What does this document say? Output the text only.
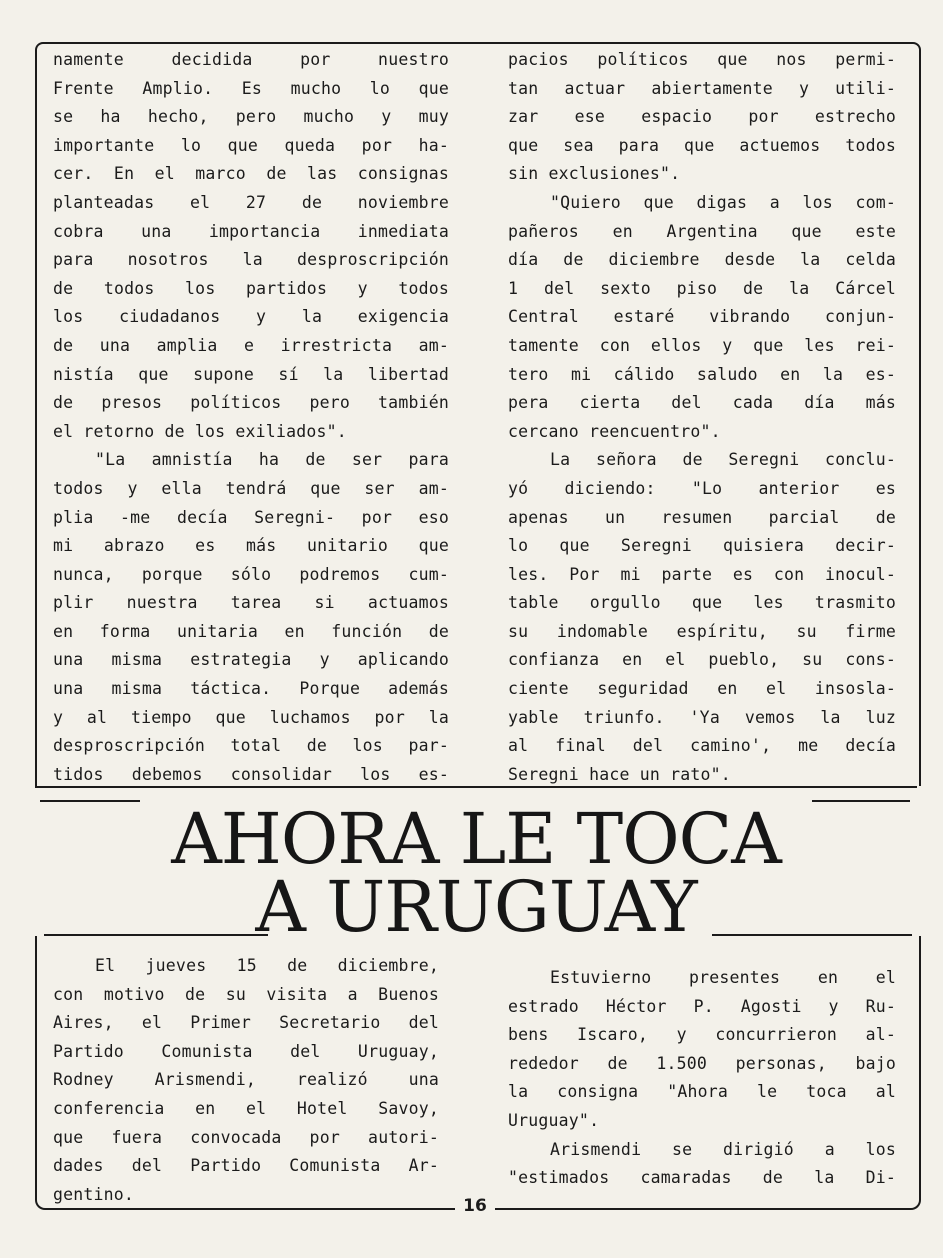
namente decidida por nuestro
Frente Amplio. Es mucho lo que
se ha hecho, pero mucho y muy
importante lo que queda por ha-
cer. En el marco de las consignas
planteadas el 27 de noviembre
cobra una importancia inmediata
para nosotros la desproscripción
de todos los partidos y todos
los ciudadanos y la exigencia
de una amplia e irrestricta am-
nistía que supone sí la libertad
de presos políticos pero también
el retorno de los exiliados".
"La amnistía ha de ser para
todos y ella tendrá que ser am-
plia -me decía Seregni- por eso
mi abrazo es más unitario que
nunca, porque sólo podremos cum-
plir nuestra tarea si actuamos
en forma unitaria en función de
una misma estrategia y aplicando
una misma táctica. Porque además
y al tiempo que luchamos por la
desproscripción total de los par-
tidos debemos consolidar los es-
pacios políticos que nos permi-
tan actuar abiertamente y utili-
zar ese espacio por estrecho
que sea para que actuemos todos
sin exclusiones".
"Quiero que digas a los com-
pañeros en Argentina que este
día de diciembre desde la celda
1 del sexto piso de la Cárcel
Central estaré vibrando conjun-
tamente con ellos y que les rei-
tero mi cálido saludo en la es-
pera cierta del cada día más
cercano reencuentro".
La señora de Seregni conclu-
yó diciendo: "Lo anterior es
apenas un resumen parcial de
lo que Seregni quisiera decir-
les. Por mi parte es con inocul-
table orgullo que les trasmito
su indomable espíritu, su firme
confianza en el pueblo, su cons-
ciente seguridad en el insosla-
yable triunfo. 'Ya vemos la luz
al final del camino', me decía
Seregni hace un rato".
AHORA LE TOCA
A URUGUAY
El jueves 15 de diciembre,
con motivo de su visita a Buenos
Aires, el Primer Secretario del
Partido Comunista del Uruguay,
Rodney Arismendi, realizó una
conferencia en el Hotel Savoy,
que fuera convocada por autori-
dades del Partido Comunista Ar-
gentino.
Estuvierno presentes en el
estrado Héctor P. Agosti y Ru-
bens Iscaro, y concurrieron al-
rededor de 1.500 personas, bajo
la consigna "Ahora le toca al
Uruguay".
Arismendi se dirigió a los
"estimados camaradas de la Di-
16
